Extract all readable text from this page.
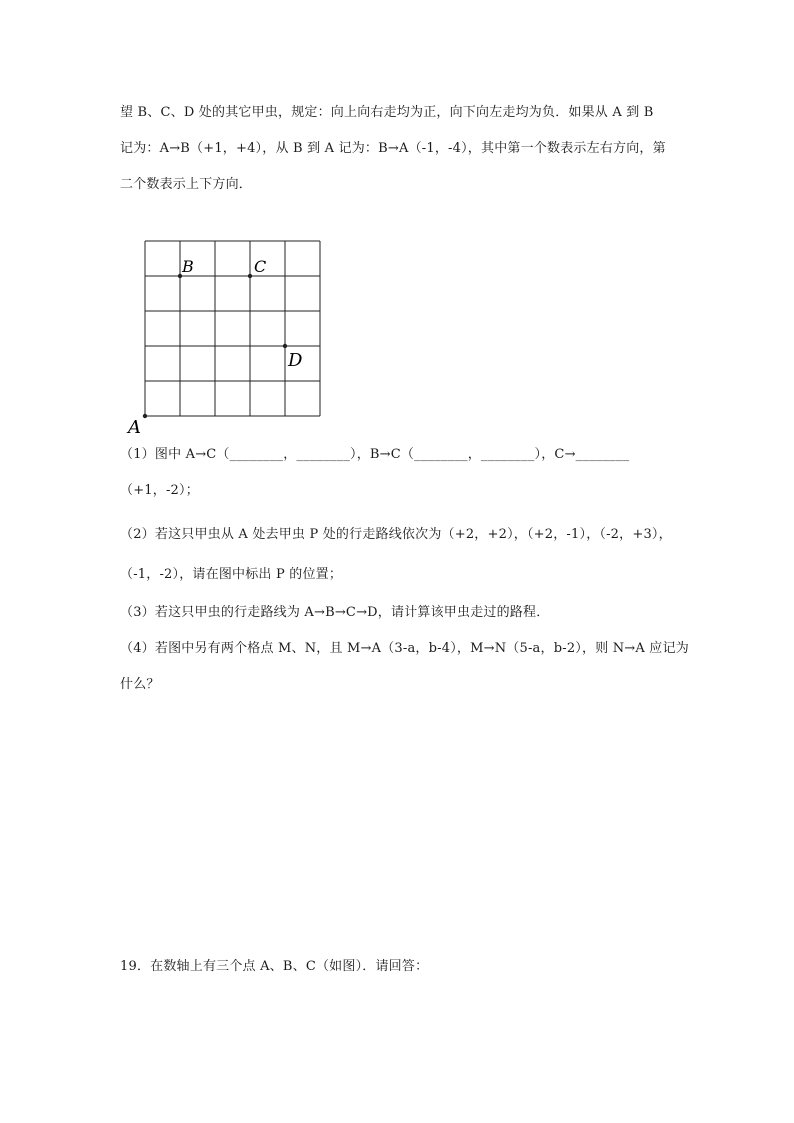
望 B、C、D 处的其它甲虫，规定：向上向右走均为正，向下向左走均为负．如果从 A 到 B
记为：A→B（+1，+4），从 B 到 A 记为：B→A（-1，-4），其中第一个数表示左右方向，第
二个数表示上下方向．
A
B	C
D
（1）图中 A→C（________，________），B→C（________，________），C→________
（+1，-2）；
（2）若这只甲虫从 A 处去甲虫 P 处的行走路线依次为（+2，+2），（+2，-1），（-2，+3），
（-1，-2），请在图中标出 P 的位置；
（3）若这只甲虫的行走路线为 A→B→C→D，请计算该甲虫走过的路程．
（4）若图中另有两个格点 M、N，且 M→A（3-a，b-4），M→N（5-a，b-2），则 N→A 应记为
什么？
19．在数轴上有三个点 A、B、C（如图）．请回答：
